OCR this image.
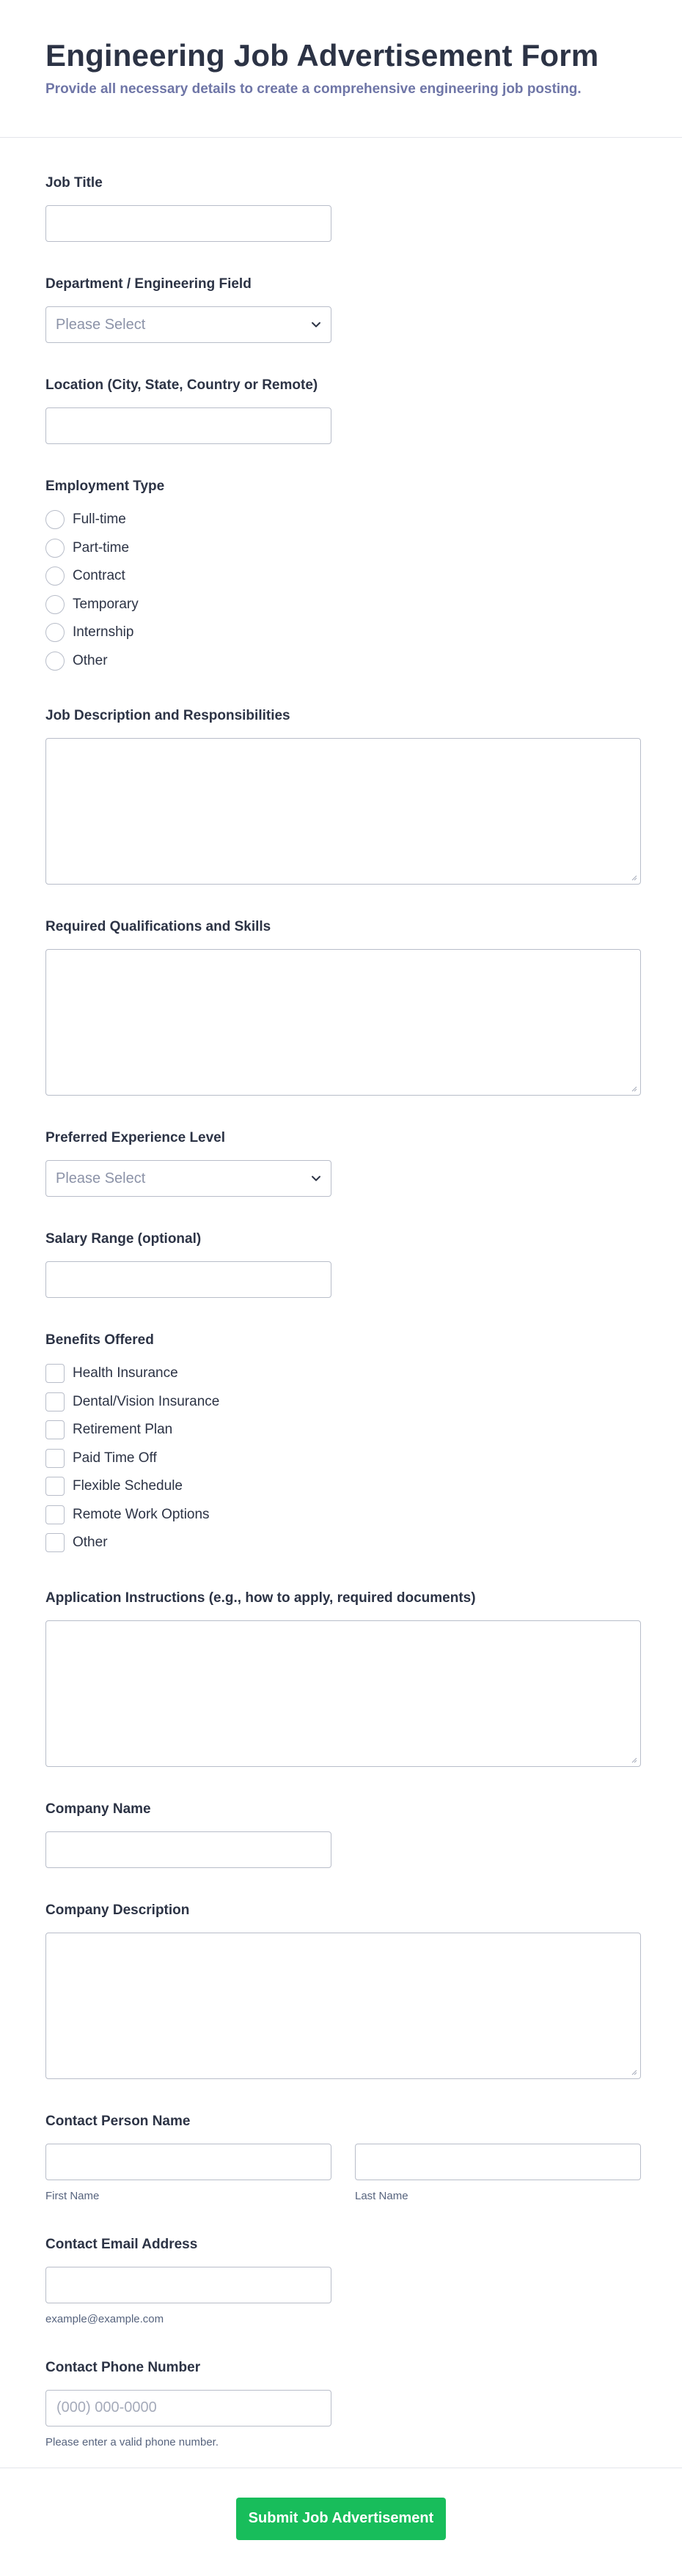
Engineering Job Advertisement Form

Provide all necessary details to create a comprehensive engineering job posting.

Job Title
Department / Engineering Field
Please Select
Location (City, State, Country or Remote)
Employment Type
Full-time
Part-time
Contract
Temporary
Internship
Other
Job Description and Responsibilities
Required Qualifications and Skills
Preferred Experience Level
Please Select
Salary Range (optional)
Benefits Offered
Health Insurance
Dental/Vision Insurance
Retirement Plan
Paid Time Off
Flexible Schedule
Remote Work Options
Other
Application Instructions (e.g., how to apply, required documents)
Company Name
Company Description
Contact Person Name
First Name	Last Name
Contact Email Address
example@example.com
Contact Phone Number
(000) 000-0000
Please enter a valid phone number.
Submit Job Advertisement
